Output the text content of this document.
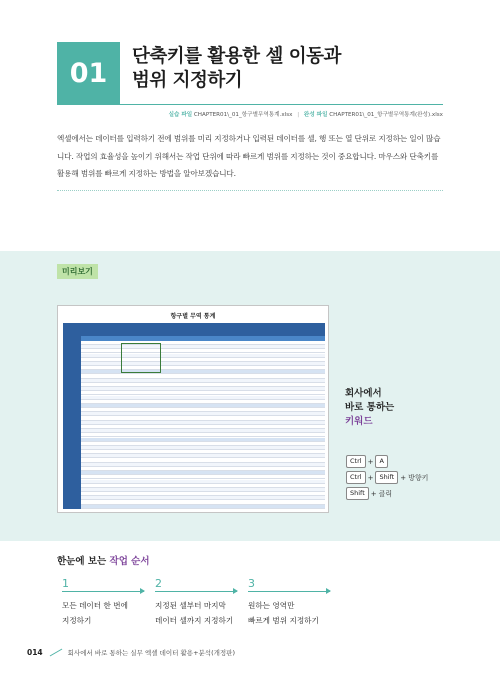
01
단축키를 활용한 셀 이동과
범위 지정하기
실습 파일 CHAPTER01\_01_항구별무역통계.xlsx | 완성 파일 CHAPTER01\_01_항구별무역통계(완성).xlsx

엑셀에서는 데이터를 입력하기 전에 범위를 미리 지정하거나 입력된 데이터를 셀, 행 또는 열 단위로 지정하는 일이 많습니다. 작업의 효율성을 높이기 위해서는 작업 단위에 따라 빠르게 범위를 지정하는 것이 중요합니다. 마우스와 단축키를 활용해 범위를 빠르게 지정하는 방법을 알아보겠습니다.

미리보기
항구별 무역 통계
회사에서
바로 통하는
키워드
Ctrl + A
Ctrl + Shift + 방향키
Shift + 클릭
한눈에 보는 작업 순서
1
모든 데이터 한 번에
지정하기
2
지정된 셀부터 마지막
데이터 셀까지 지정하기
3
원하는 영역만
빠르게 범위 지정하기
014	회사에서 바로 통하는 실무 엑셀 데이터 활용+분석(개정판)
